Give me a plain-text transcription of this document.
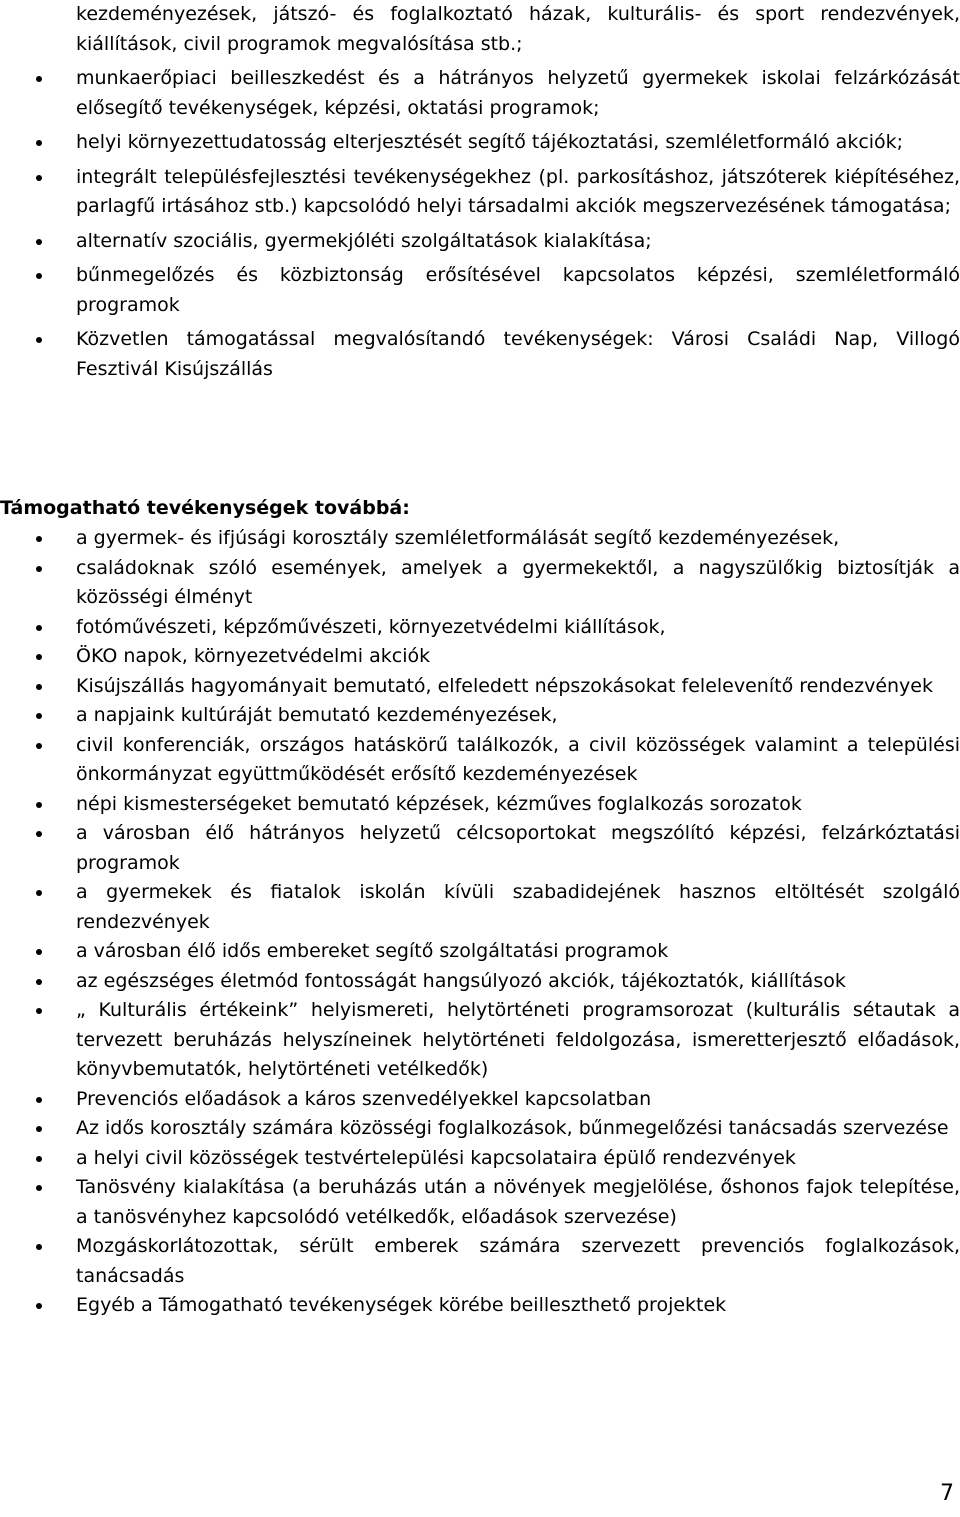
kezdeményezések, játszó- és foglalkoztató házak, kulturális- és sport rendezvények, kiállítások, civil programok megvalósítása stb.;
munkaerőpiaci beilleszkedést és a hátrányos helyzetű gyermekek iskolai felzárkózását elősegítő tevékenységek, képzési, oktatási programok;
helyi környezettudatosság elterjesztését segítő tájékoztatási, szemléletformáló akciók;
integrált településfejlesztési tevékenységekhez (pl. parkosításhoz, játszóterek kiépítéséhez, parlagfű irtásához stb.) kapcsolódó helyi társadalmi akciók megszervezésének támogatása;
alternatív szociális, gyermekjóléti szolgáltatások kialakítása;
bűnmegelőzés és közbiztonság erősítésével kapcsolatos képzési, szemléletformáló programok
Közvetlen támogatással megvalósítandó tevékenységek: Városi Családi Nap, Villogó Fesztivál Kisújszállás

Támogatható tevékenységek továbbá:

a gyermek- és ifjúsági korosztály szemléletformálását segítő kezdeményezések,
családoknak szóló események, amelyek a gyermekektől, a nagyszülőkig biztosítják a közösségi élményt
fotóművészeti, képzőművészeti, környezetvédelmi kiállítások,
ÖKO napok, környezetvédelmi akciók
Kisújszállás hagyományait bemutató, elfeledett népszokásokat felelevenítő rendezvények
a napjaink kultúráját bemutató kezdeményezések,
civil konferenciák, országos hatáskörű találkozók, a civil közösségek valamint a települési önkormányzat együttműködését erősítő kezdeményezések
népi kismesterségeket bemutató képzések, kézműves foglalkozás sorozatok
a városban élő hátrányos helyzetű célcsoportokat megszólító képzési, felzárkóztatási programok
a gyermekek és fiatalok iskolán kívüli szabadidejének hasznos eltöltését szolgáló rendezvények
a városban élő idős embereket segítő szolgáltatási programok
az egészséges életmód fontosságát hangsúlyozó akciók, tájékoztatók, kiállítások
„ Kulturális értékeink” helyismereti, helytörténeti programsorozat (kulturális sétautak a tervezett beruházás helyszíneinek helytörténeti feldolgozása, ismeretterjesztő előadások, könyvbemutatók, helytörténeti vetélkedők)
Prevenciós előadások a káros szenvedélyekkel kapcsolatban
Az idős korosztály számára közösségi foglalkozások, bűnmegelőzési tanácsadás szervezése
a helyi civil közösségek testvértelepülési kapcsolataira épülő rendezvények
Tanösvény kialakítása (a beruházás után a növények megjelölése, őshonos fajok telepítése, a tanösvényhez kapcsolódó vetélkedők, előadások szervezése)
Mozgáskorlátozottak, sérült emberek számára szervezett prevenciós foglalkozások, tanácsadás
Egyéb a Támogatható tevékenységek körébe beilleszthető projektek
7
